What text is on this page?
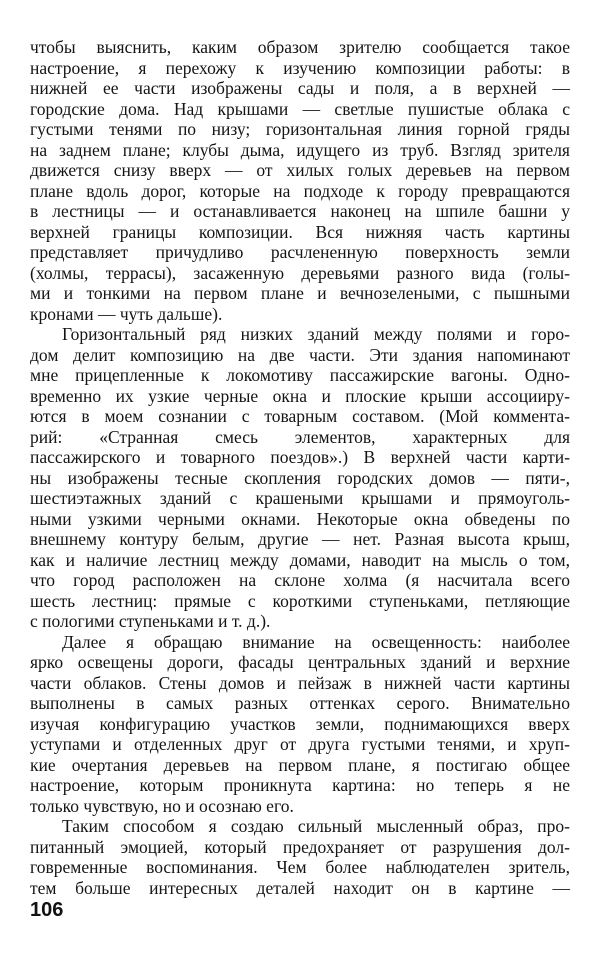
чтобы выяснить, каким образом зрителю сообщается такое
настроение, я перехожу к изучению композиции работы: в
нижней ее части изображены сады и поля, а в верхней —
городские дома. Над крышами — светлые пушистые облака с
густыми тенями по низу; горизонтальная линия горной гряды
на заднем плане; клубы дыма, идущего из труб. Взгляд зрителя
движется снизу вверх — от хилых голых деревьев на первом
плане вдоль дорог, которые на подходе к городу превращаются
в лестницы — и останавливается наконец на шпиле башни у
верхней границы композиции. Вся нижняя часть картины
представляет причудливо расчлененную поверхность земли
(холмы, террасы), засаженную деревьями разного вида (голы-
ми и тонкими на первом плане и вечнозелеными, с пышными
кронами — чуть дальше).
Горизонтальный ряд низких зданий между полями и горо-
дом делит композицию на две части. Эти здания напоминают
мне прицепленные к локомотиву пассажирские вагоны. Одно-
временно их узкие черные окна и плоские крыши ассоцииру-
ются в моем сознании с товарным составом. (Мой коммента-
рий: «Странная смесь элементов, характерных для
пассажирского и товарного поездов».) В верхней части карти-
ны изображены тесные скопления городских домов — пяти-,
шестиэтажных зданий с крашеными крышами и прямоуголь-
ными узкими черными окнами. Некоторые окна обведены по
внешнему контуру белым, другие — нет. Разная высота крыш,
как и наличие лестниц между домами, наводит на мысль о том,
что город расположен на склоне холма (я насчитала всего
шесть лестниц: прямые с короткими ступеньками, петляющие
с пологими ступеньками и т. д.).
Далее я обращаю внимание на освещенность: наиболее
ярко освещены дороги, фасады центральных зданий и верхние
части облаков. Стены домов и пейзаж в нижней части картины
выполнены в самых разных оттенках серого. Внимательно
изучая конфигурацию участков земли, поднимающихся вверх
уступами и отделенных друг от друга густыми тенями, и хруп-
кие очертания деревьев на первом плане, я постигаю общее
настроение, которым проникнута картина: но теперь я не
только чувствую, но и осознаю его.
Таким способом я создаю сильный мысленный образ, про-
питанный эмоцией, который предохраняет от разрушения дол-
говременные воспоминания. Чем более наблюдателен зритель,
тем больше интересных деталей находит он в картине —
106
